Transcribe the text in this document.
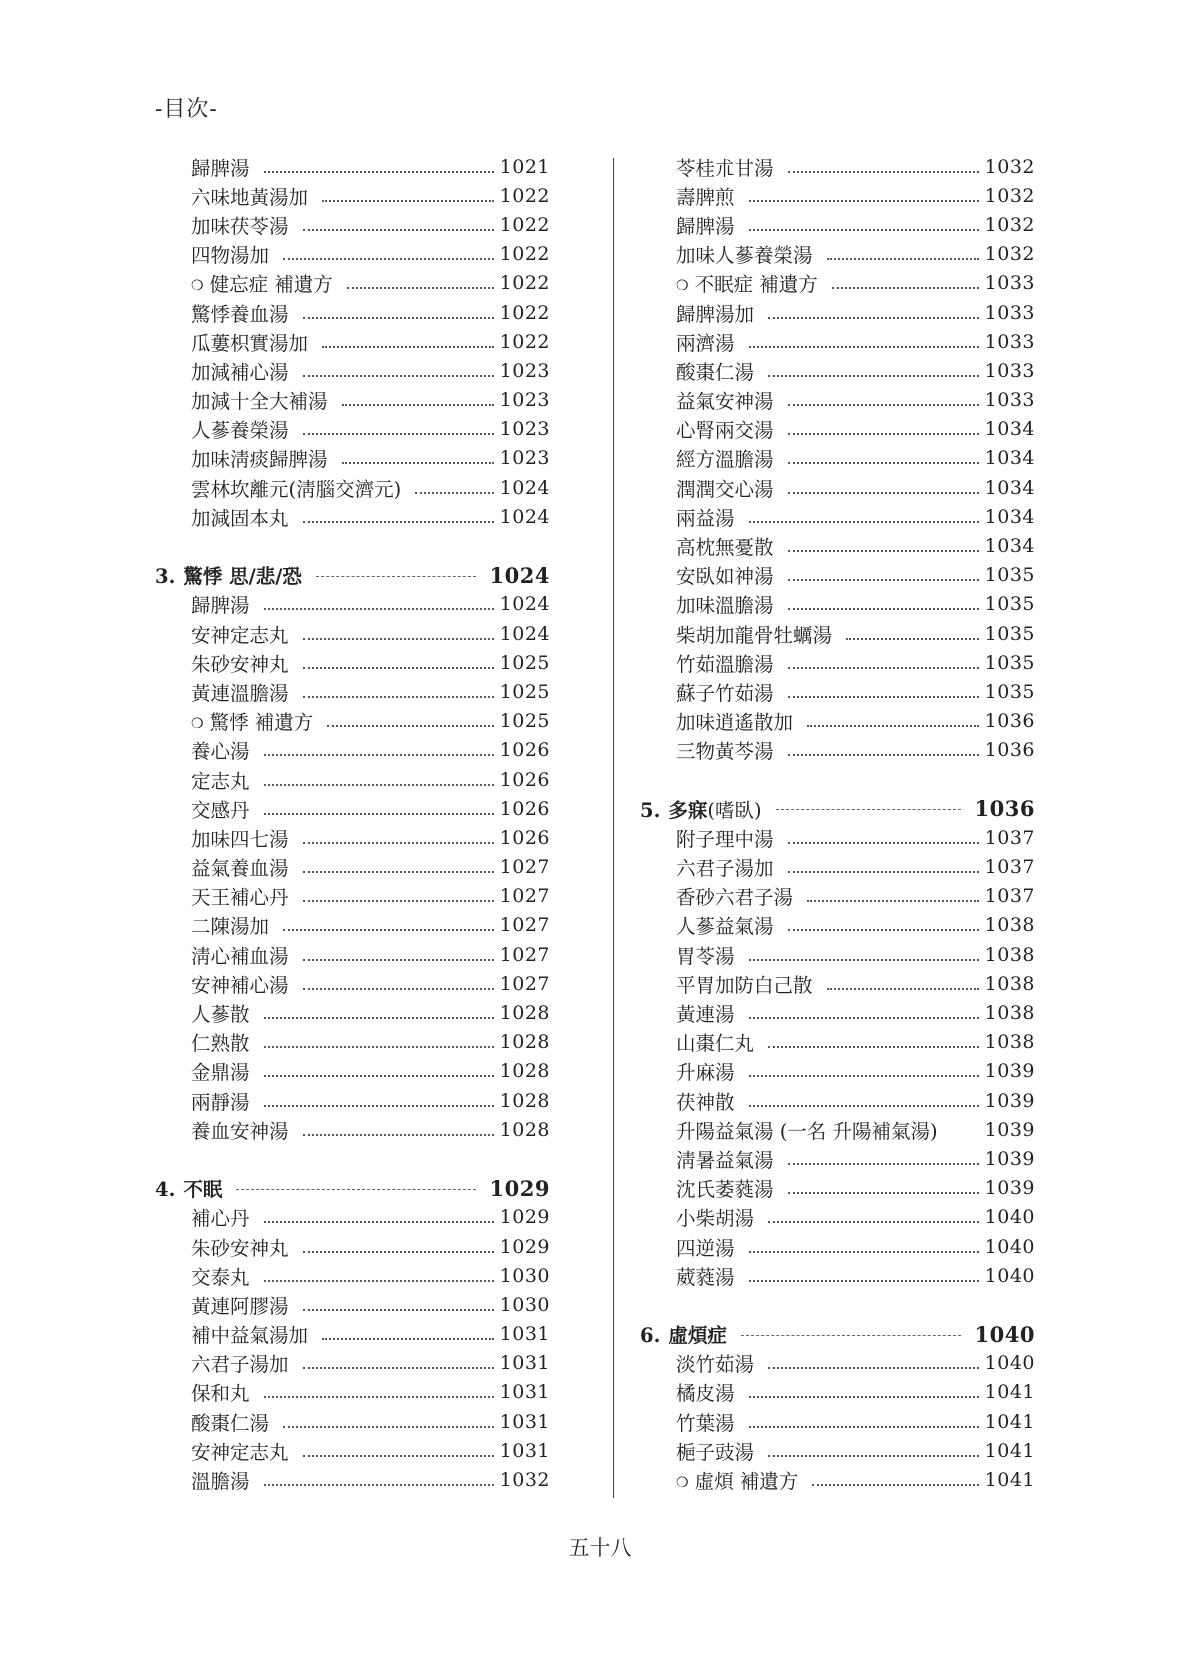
-目次-
歸脾湯	1021
六味地黃湯加	1022
加味茯苓湯	1022
四物湯加	1022
❍ 健忘症 補遺方	1022
驚悸養血湯	1022
瓜蔞枳實湯加	1022
加減補心湯	1023
加減十全大補湯	1023
人蔘養榮湯	1023
加味淸痰歸脾湯	1023
雲林坎離元(淸腦交濟元)	1024
加減固本丸	1024
3. 驚悸 思/悲/恐	1024
歸脾湯	1024
安神定志丸	1024
朱砂安神丸	1025
黃連溫膽湯	1025
❍ 驚悸 補遺方	1025
養心湯	1026
定志丸	1026
交感丹	1026
加味四七湯	1026
益氣養血湯	1027
天王補心丹	1027
二陳湯加	1027
淸心補血湯	1027
安神補心湯	1027
人蔘散	1028
仁熟散	1028
金鼎湯	1028
兩靜湯	1028
養血安神湯	1028
4. 不眠	1029
補心丹	1029
朱砂安神丸	1029
交泰丸	1030
黃連阿膠湯	1030
補中益氣湯加	1031
六君子湯加	1031
保和丸	1031
酸棗仁湯	1031
安神定志丸	1031
溫膽湯	1032
苓桂朮甘湯	1032
壽脾煎	1032
歸脾湯	1032
加味人蔘養榮湯	1032
❍ 不眠症 補遺方	1033
歸脾湯加	1033
兩濟湯	1033
酸棗仁湯	1033
益氣安神湯	1033
心腎兩交湯	1034
經方溫膽湯	1034
潤潤交心湯	1034
兩益湯	1034
高枕無憂散	1034
安臥如神湯	1035
加味溫膽湯	1035
柴胡加龍骨牡蠣湯	1035
竹茹溫膽湯	1035
蘇子竹茹湯	1035
加味逍遙散加	1036
三物黃芩湯	1036
5. 多寐(嗜臥)	1036
附子理中湯	1037
六君子湯加	1037
香砂六君子湯	1037
人蔘益氣湯	1038
胃苓湯	1038
平胃加防白己散	1038
黃連湯	1038
山棗仁丸	1038
升麻湯	1039
茯神散	1039
升陽益氣湯 (一名 升陽補氣湯) 1039
淸暑益氣湯	1039
沈氏萎蕤湯	1039
小柴胡湯	1040
四逆湯	1040
葳蕤湯	1040
6. 虛煩症	1040
淡竹茹湯	1040
橘皮湯	1041
竹葉湯	1041
梔子豉湯	1041
❍ 虛煩 補遺方	1041
五十八
